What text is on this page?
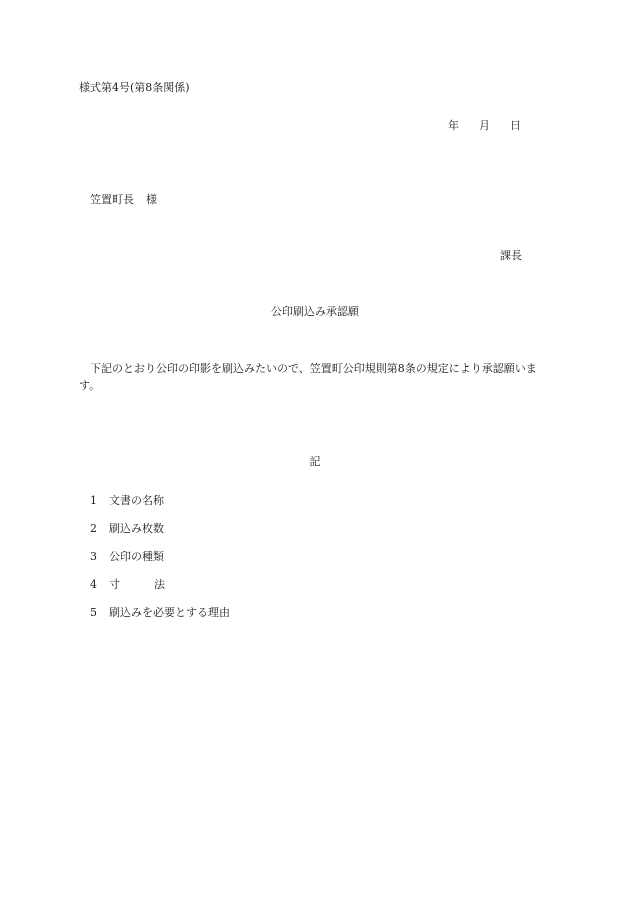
様式第4号(第8条関係)
年 月 日
笠置町長 様
課長
公印刷込み承認願
下記のとおり公印の印影を刷込みたいので、笠置町公印規則第8条の規定により承認願います。
記
1 文書の名称
2 刷込み枚数
3 公印の種類
4 寸	法
5 刷込みを必要とする理由
